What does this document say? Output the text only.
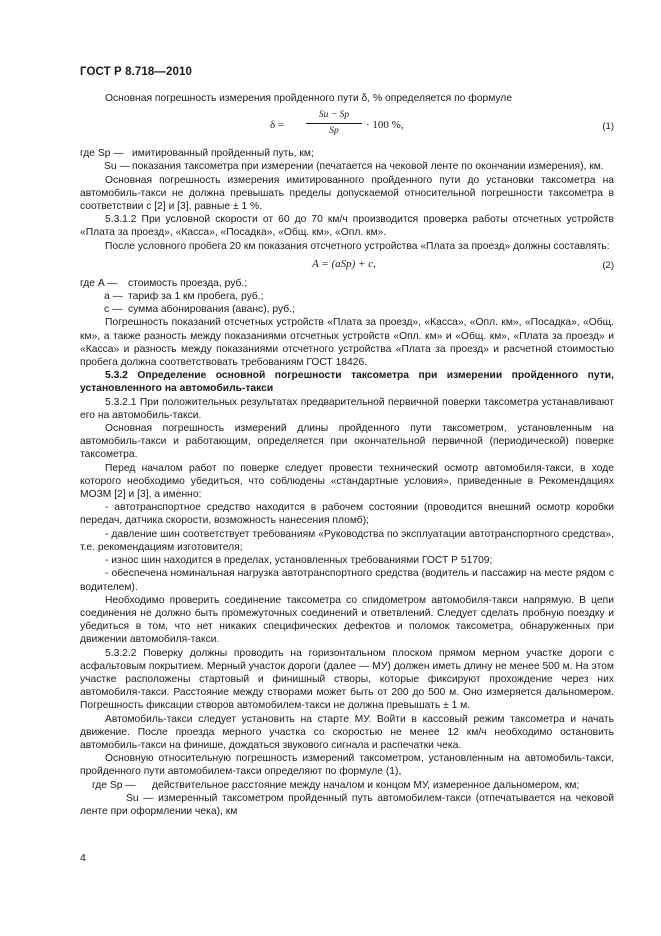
ГОСТ Р 8.718—2010

Основная погрешность измерения пройденного пути δ, % определяется по формуле

$\delta = \frac{Su - Sp}{Sp} \cdot 100$ %,	(1)
где Sp — имитированный пройденный путь, км;
Su — показания таксометра при измерении (печатается на чековой ленте по окончании измерения), км.

Основная погрешность измерения имитированного пройденного пути до установки таксометра на автомобиль-такси не должна превышать пределы допускаемой относительной погрешности таксометра в соответствии с [2] и [3], равные ± 1 %.

5.3.1.2 При условной скорости от 60 до 70 км/ч производится проверка работы отсчетных устройств «Плата за проезд», «Касса», «Посадка», «Общ. км», «Опл. км».

После условного пробега 20 км показания отсчетного устройства «Плата за проезд» должны составлять:

A = (aSp) + c,	(2)
где A —	стоимость проезда, руб.;
a — тариф за 1 км пробега, руб.;
c — сумма абонирования (аванс), руб.;

Погрешность показаний отсчетных устройств «Плата за проезд», «Касса», «Опл. км», «Посадка», «Общ. км», а также разность между показаниями отсчетных устройств «Опл. км» и «Общ. км», «Плата за проезд» и «Касса» и разность между показаниями отсчетного устройства «Плата за проезд» и расчетной стоимостью пробега должна соответствовать требованиям ГОСТ 18426.

5.3.2 Определение основной погрешности таксометра при измерении пройденного пути, установленного на автомобиль-такси

5.3.2.1 При положительных результатах предварительной первичной поверки таксометра устанавливают его на автомобиль-такси.

Основная погрешность измерений длины пройденного пути таксометром, установленным на автомобиль-такси и работающим, определяется при окончательной первичной (периодической) поверке таксометра.

Перед началом работ по поверке следует провести технический осмотр автомобиля-такси, в ходе которого необходимо убедиться, что соблюдены «стандартные условия», приведенные в Рекомендациях МОЗМ [2] и [3], а именно:

- автотранспортное средство находится в рабочем состоянии (проводится внешний осмотр коробки передач, датчика скорости, возможность нанесения пломб);

- давление шин соответствует требованиям «Руководства по эксплуатации автотранспортного средства», т.е. рекомендациям изготовителя;

- износ шин находится в пределах, установленных требованиями ГОСТ Р 51709;

- обеспечена номинальная нагрузка автотранспортного средства (водитель и пассажир на месте рядом с водителем).

Необходимо проверить соединение таксометра со спидометром автомобиля-такси напрямую. В цепи соединения не должно быть промежуточных соединений и ответвлений. Следует сделать пробную поездку и убедиться в том, что нет никаких специфических дефектов и поломок таксометра, обнаруженных при движении автомобиля-такси.

5.3.2.2 Поверку должны проводить на горизонтальном плоском прямом мерном участке дороги с асфальтовым покрытием. Мерный участок дороги (далее — МУ) должен иметь длину не менее 500 м. На этом участке расположены стартовый и финишный створы, которые фиксируют прохождение через них автомобиля-такси. Расстояние между створами может быть от 200 до 500 м. Оно измеряется дальномером. Погрешность фиксации створов автомобилем-такси не должна превышать ± 1 м.

Автомобиль-такси следует установить на старте МУ. Войти в кассовый режим таксометра и начать движение. После проезда мерного участка со скоростью не менее 12 км/ч необходимо остановить автомобиль-такси на финише, дождаться звукового сигнала и распечатки чека.

Основную относительную погрешность измерений таксометром, установленным на автомобиль-такси, пройденного пути автомобилем-такси определяют по формуле (1),

где Sp —	действительное расстояние между началом и концом МУ, измеренное дальномером, км;

Su — измеренный таксометром пройденный путь автомобилем-такси (отпечатывается на чековой ленте при оформлении чека), км

4
